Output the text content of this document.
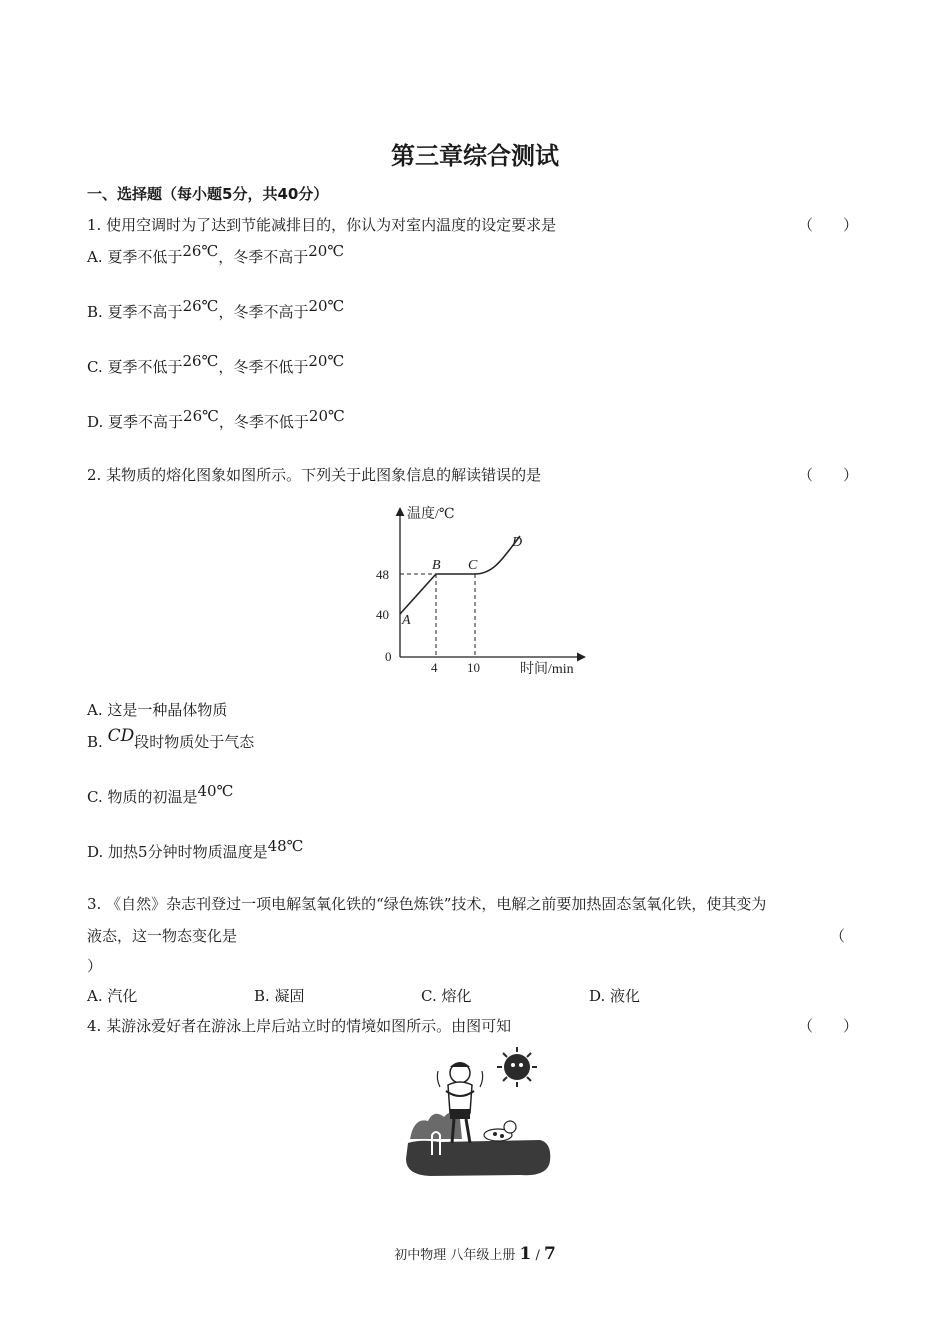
第三章综合测试
一、选择题（每小题5分，共40分）
1. 使用空调时为了达到节能减排目的，你认为对室内温度的设定要求是	（　　）
A. 夏季不低于26℃，冬季不高于20℃
B. 夏季不高于26℃，冬季不高于20℃
C. 夏季不低于26℃，冬季不低于20℃
D. 夏季不高于26℃，冬季不低于20℃
2. 某物质的熔化图象如图所示。下列关于此图象信息的解读错误的是	（　　）
温度/℃
时间/min
48
40
0
4 10
A
B C
D
A. 这是一种晶体物质
B. CD段时物质处于气态
C. 物质的初温是40℃
D. 加热5分钟时物质温度是48℃
3. 《自然》杂志刊登过一项电解氢氧化铁的“绿色炼铁”技术，电解之前要加热固态氢氧化铁，使其变为
液态，这一物态变化是	（
）
A. 汽化	B. 凝固	C. 熔化	D. 液化
4. 某游泳爱好者在游泳上岸后站立时的情境如图所示。由图可知	（　　）
初中物理 八年级上册 1 / 7
